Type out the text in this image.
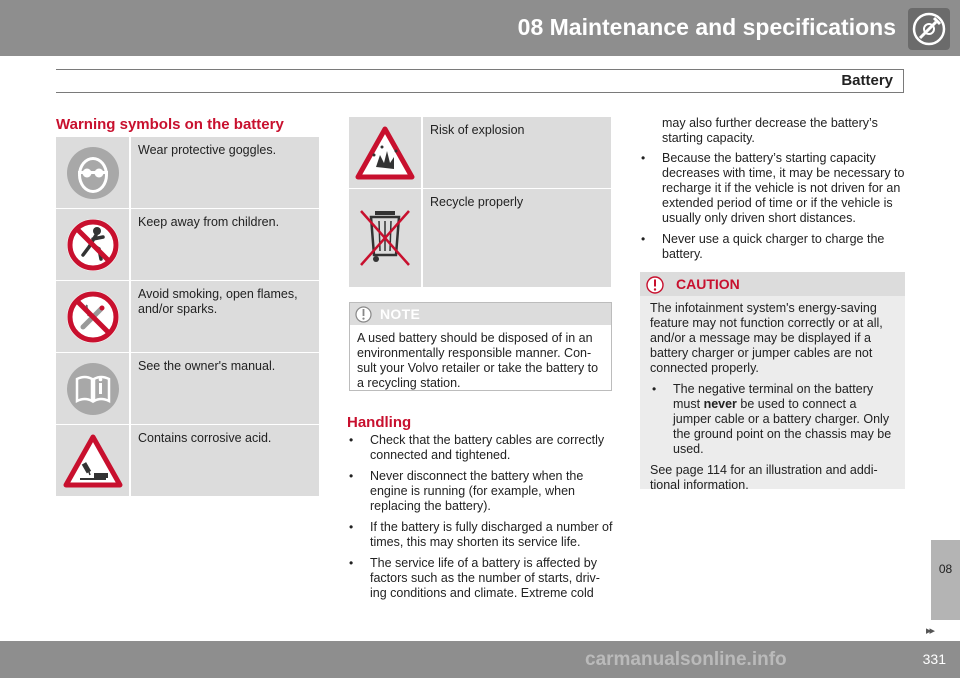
08 Maintenance and specifications
Battery
Warning symbols on the battery
Wear protective goggles.
Keep away from children.
Avoid smoking, open flames, and/or sparks.
See the owner's manual.
Contains corrosive acid.
Risk of explosion
Recycle properly
NOTE
A used battery should be disposed of in an environmentally responsible manner. Con-sult your Volvo retailer or take the battery to a recycling station.
Handling
• Check that the battery cables are correctly connected and tightened.
• Never disconnect the battery when the engine is running (for example, when replacing the battery).
• If the battery is fully discharged a number of times, this may shorten its service life.
• The service life of a battery is affected by factors such as the number of starts, driv-ing conditions and climate. Extreme cold
may also further decrease the battery’s starting capacity.
• Because the battery’s starting capacity decreases with time, it may be necessary to recharge it if the vehicle is not driven for an extended period of time or if the vehicle is usually only driven short distances.
• Never use a quick charger to charge the battery.
CAUTION
The infotainment system's energy-saving feature may not function correctly or at all, and/or a message may be displayed if a battery charger or jumper cables are not connected properly.
• The negative terminal on the battery must never be used to connect a jumper cable or a battery charger. Only the ground point on the chassis may be used.
See page 114 for an illustration and addi-tional information.
08
▸▸
331
carmanualsonline.info
